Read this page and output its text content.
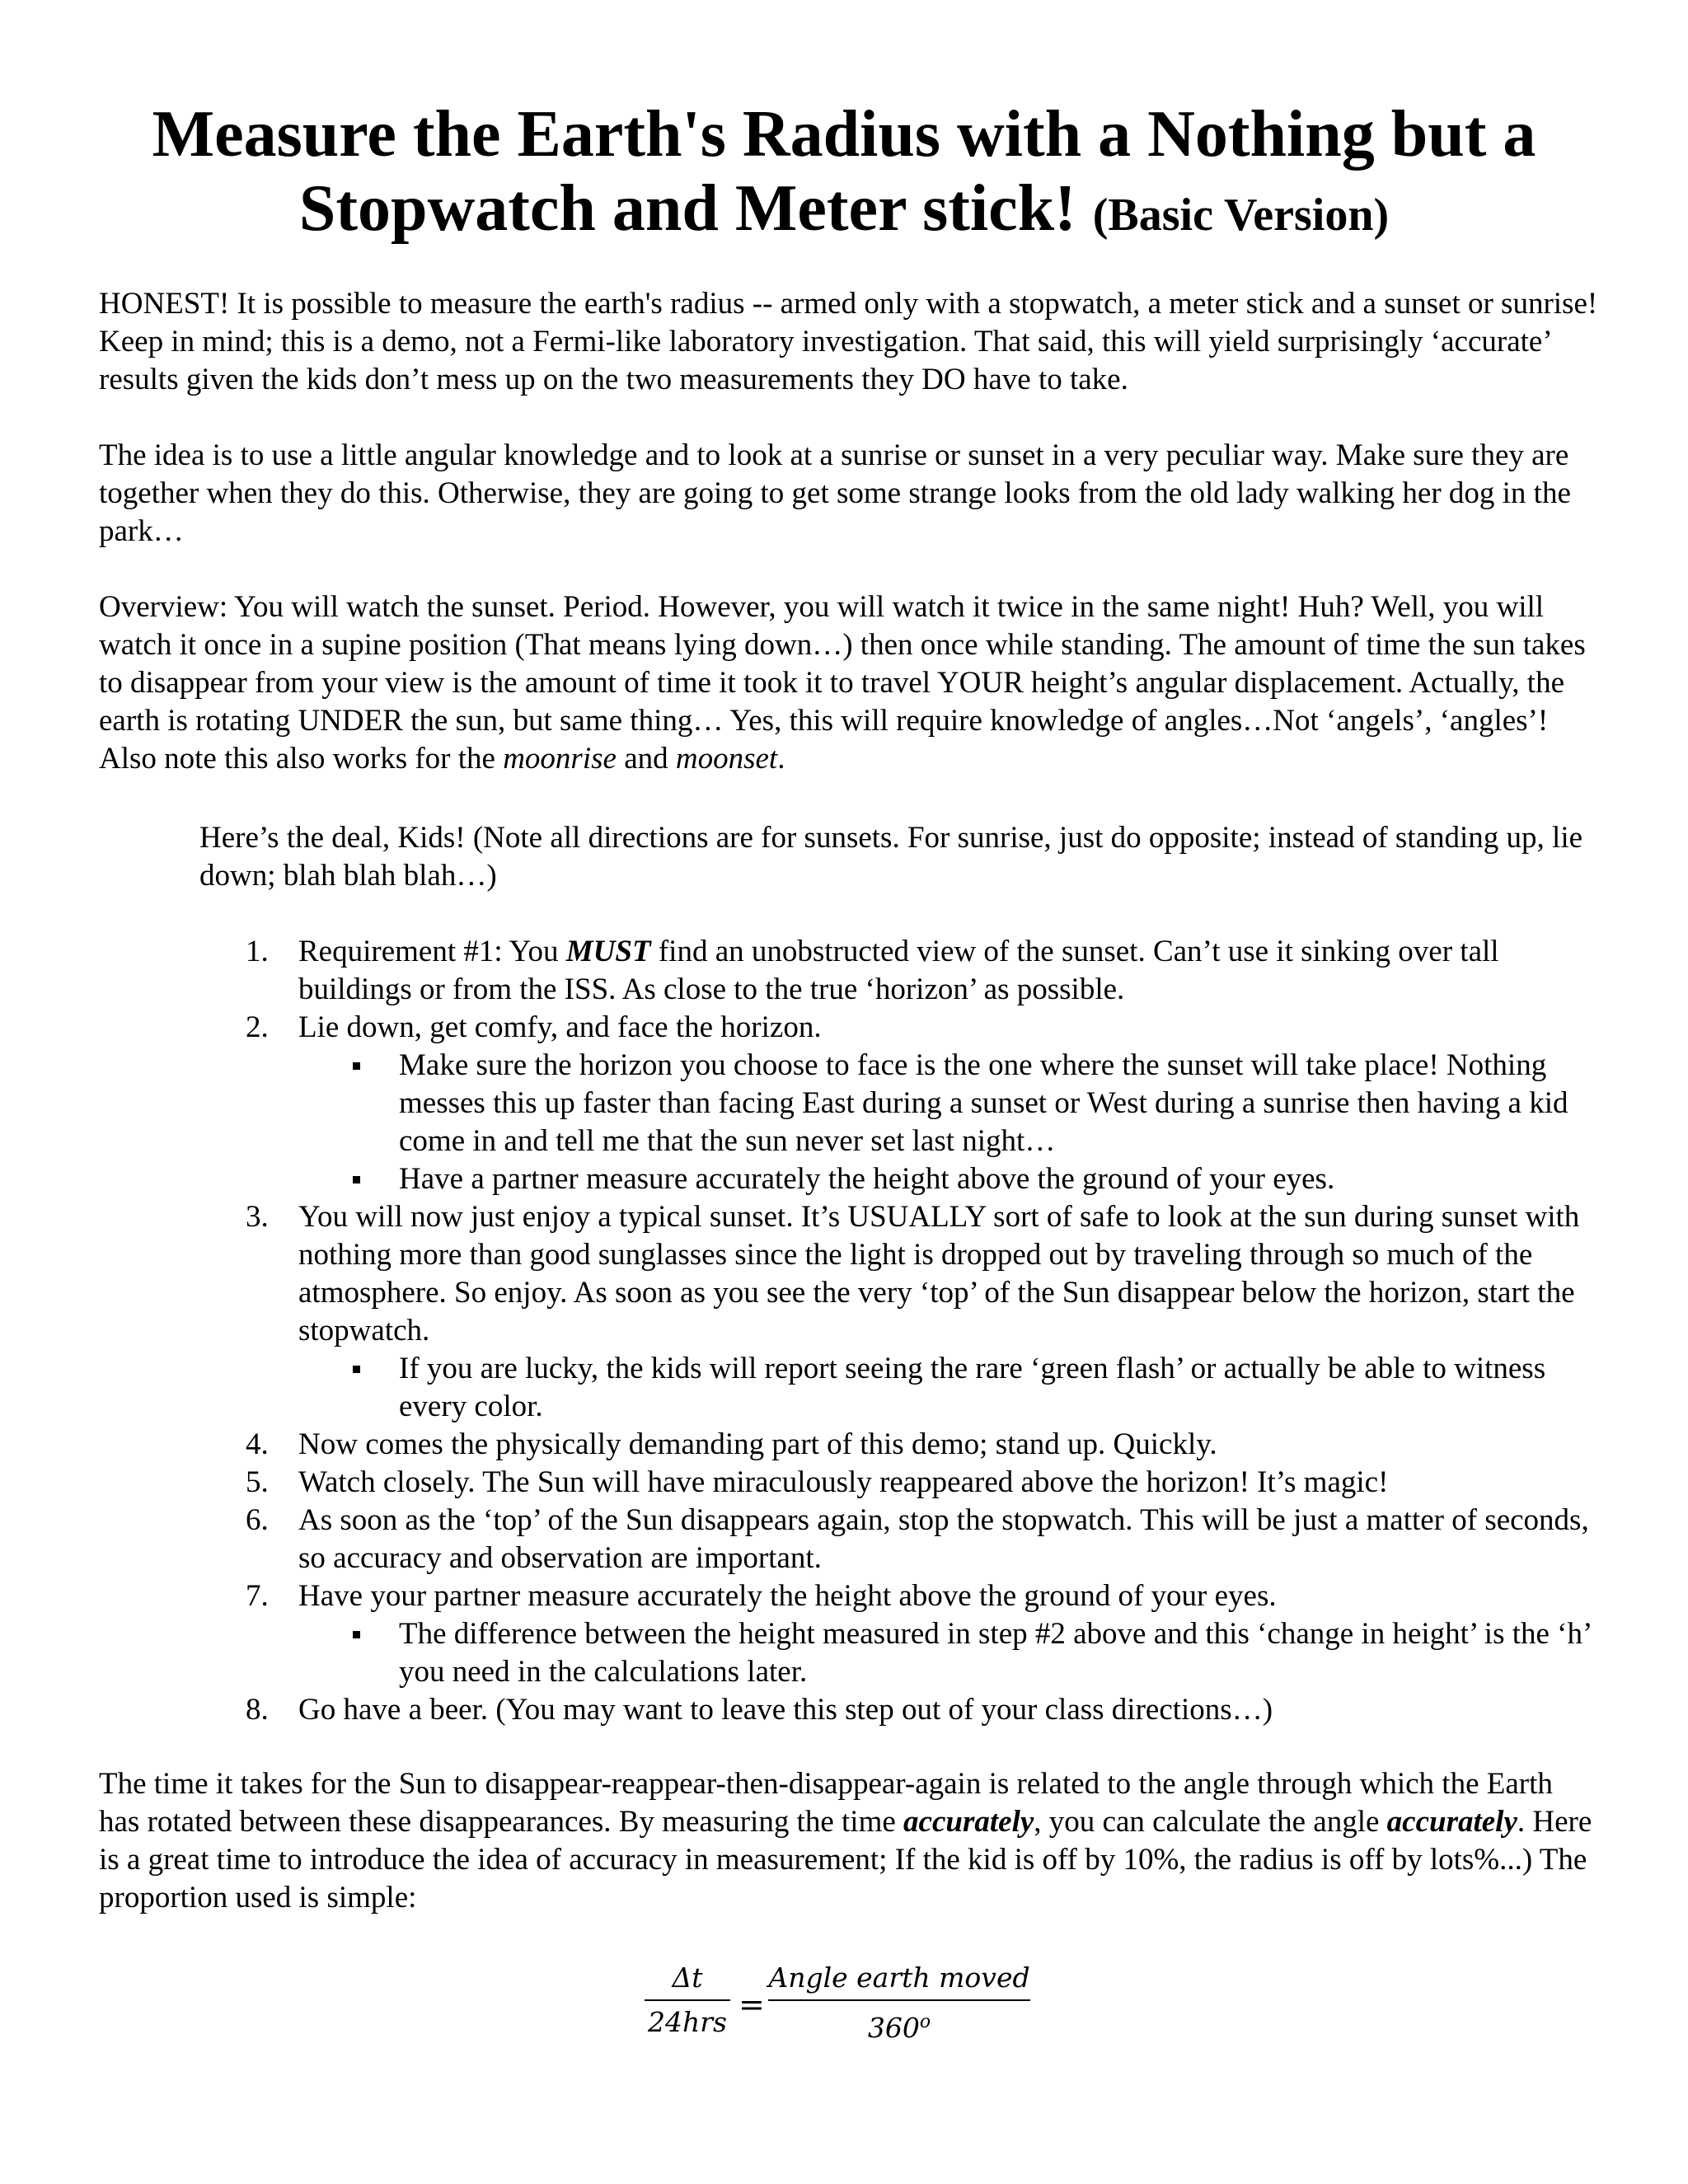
Measure the Earth's Radius with a Nothing but a
Stopwatch and Meter stick! (Basic Version)

HONEST! It is possible to measure the earth's radius -- armed only with a stopwatch, a meter stick and a sunset or sunrise! Keep in mind; this is a demo, not a Fermi-like laboratory investigation. That said, this will yield surprisingly ‘accurate’ results given the kids don’t mess up on the two measurements they DO have to take.

The idea is to use a little angular knowledge and to look at a sunrise or sunset in a very peculiar way. Make sure they are together when they do this. Otherwise, they are going to get some strange looks from the old lady walking her dog in the park…

Overview: You will watch the sunset. Period. However, you will watch it twice in the same night! Huh? Well, you will watch it once in a supine position (That means lying down…) then once while standing. The amount of time the sun takes to disappear from your view is the amount of time it took it to travel YOUR height’s angular displacement. Actually, the earth is rotating UNDER the sun, but same thing… Yes, this will require knowledge of angles…Not ‘angels’, ‘angles’! Also note this also works for the moonrise and moonset.

Here’s the deal, Kids! (Note all directions are for sunsets. For sunrise, just do opposite; instead of standing up, lie down; blah blah blah…)

1. Requirement #1: You MUST find an unobstructed view of the sunset. Can’t use it sinking over tall buildings or from the ISS. As close to the true ‘horizon’ as possible.
2. Lie down, get comfy, and face the horizon.
Make sure the horizon you choose to face is the one where the sunset will take place! Nothing messes this up faster than facing East during a sunset or West during a sunrise then having a kid come in and tell me that the sun never set last night…
Have a partner measure accurately the height above the ground of your eyes.
3. You will now just enjoy a typical sunset. It’s USUALLY sort of safe to look at the sun during sunset with nothing more than good sunglasses since the light is dropped out by traveling through so much of the atmosphere. So enjoy. As soon as you see the very ‘top’ of the Sun disappear below the horizon, start the stopwatch.
If you are lucky, the kids will report seeing the rare ‘green flash’ or actually be able to witness every color.
4. Now comes the physically demanding part of this demo; stand up. Quickly.
5. Watch closely. The Sun will have miraculously reappeared above the horizon! It’s magic!
6. As soon as the ‘top’ of the Sun disappears again, stop the stopwatch. This will be just a matter of seconds, so accuracy and observation are important.
7. Have your partner measure accurately the height above the ground of your eyes.
The difference between the height measured in step #2 above and this ‘change in height’ is the ‘h’ you need in the calculations later.
8. Go have a beer. (You may want to leave this step out of your class directions…)

The time it takes for the Sun to disappear-reappear-then-disappear-again is related to the angle through which the Earth has rotated between these disappearances. By measuring the time accurately, you can calculate the angle accurately. Here is a great time to introduce the idea of accuracy in measurement; If the kid is off by 10%, the radius is off by lots%...) The proportion used is simple:

Δt
24hrs =
Angle earth moved
360$^o$
